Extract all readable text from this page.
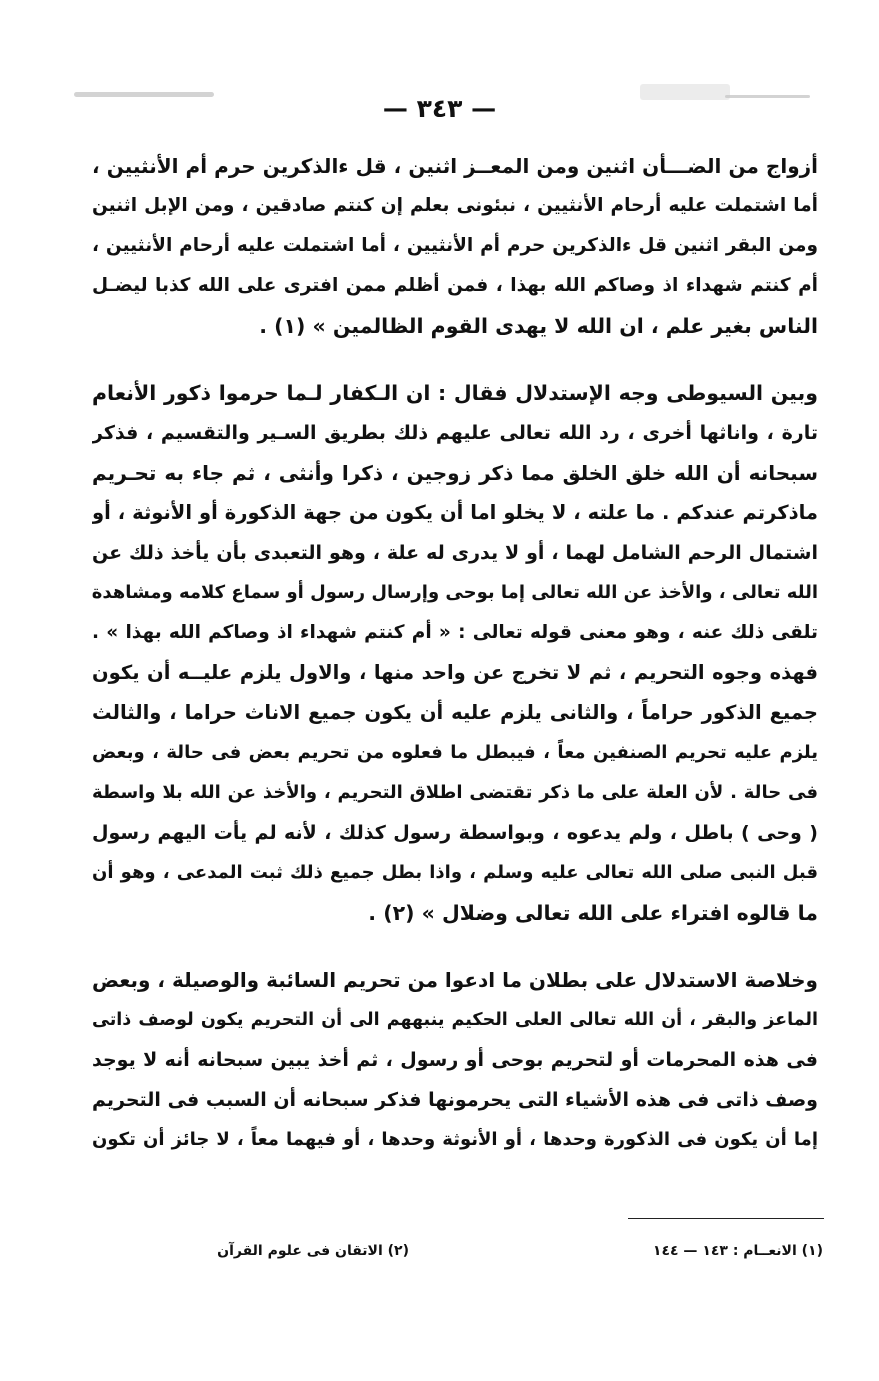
— ٣٤٣ —
أزواج من الضـــأن اثنين ومن المعــز اثنين ، قل ءالذكرين حرم أم الأنثيين ،
أما اشتملت عليه أرحام الأنثيين ، نبئونى بعلم إن كنتم صادقين ، ومن الإبل اثنين
ومن البقر اثنين قل ءالذكرين حرم أم الأنثيين ، أما اشتملت عليه أرحام الأنثيين ،
أم كنتم شهداء اذ وصاكم الله بهذا ، فمن أظلم ممن افترى على الله كذبا ليضـل
الناس بغير علم ، ان الله لا يهدى القوم الظالمين » (١) .
وبين السيوطى وجه الإستدلال فقال : ان الـكفار لـما حرموا ذكور الأنعام
تارة ، واناثها أخرى ، رد الله تعالى عليهم ذلك بطريق السـير والتقسيم ، فذكر
سبحانه أن الله خلق الخلق مما ذكر زوجين ، ذكرا وأنثى ، ثم جاء به تحـريم
ماذكرتم عندكم . ما علته ، لا يخلو اما أن يكون من جهة الذكورة أو الأنوثة ، أو
اشتمال الرحم الشامل لهما ، أو لا يدرى له علة ، وهو التعبدى بأن يأخذ ذلك عن
الله تعالى ، والأخذ عن الله تعالى إما بوحى وإرسال رسول أو سماع كلامه ومشاهدة
تلقى ذلك عنه ، وهو معنى قوله تعالى : « أم كنتم شهداء اذ وصاكم الله بهذا » .
فهذه وجوه التحريم ، ثم لا تخرج عن واحد منها ، والاول يلزم عليــه أن يكون
جميع الذكور حراماً ، والثانى يلزم عليه أن يكون جميع الاناث حراما ، والثالث
يلزم عليه تحريم الصنفين معاً ، فيبطل ما فعلوه من تحريم بعض فى حالة ، وبعض
فى حالة . لأن العلة على ما ذكر تقتضى اطلاق التحريم ، والأخذ عن الله بلا واسطة
( وحى ) باطل ، ولم يدعوه ، وبواسطة رسول كذلك ، لأنه لم يأت اليهم رسول
قبل النبى صلى الله تعالى عليه وسلم ، واذا بطل جميع ذلك ثبت المدعى ، وهو أن
ما قالوه افتراء على الله تعالى وضلال » (٢) .
وخلاصة الاستدلال على بطلان ما ادعوا من تحريم السائبة والوصيلة ، وبعض
الماعز والبقر ، أن الله تعالى العلى الحكيم ينبههم الى أن التحريم يكون لوصف ذاتى
فى هذه المحرمات أو لتحريم بوحى أو رسول ، ثم أخذ يبين سبحانه أنه لا يوجد
وصف ذاتى فى هذه الأشياء التى يحرمونها فذكر سبحانه أن السبب فى التحريم
إما أن يكون فى الذكورة وحدها ، أو الأنوثة وحدها ، أو فيهما معاً ، لا جائز أن تكون
(١) الانعــام : ١٤٣ — ١٤٤
(٢) الاتقان فى علوم القرآن
